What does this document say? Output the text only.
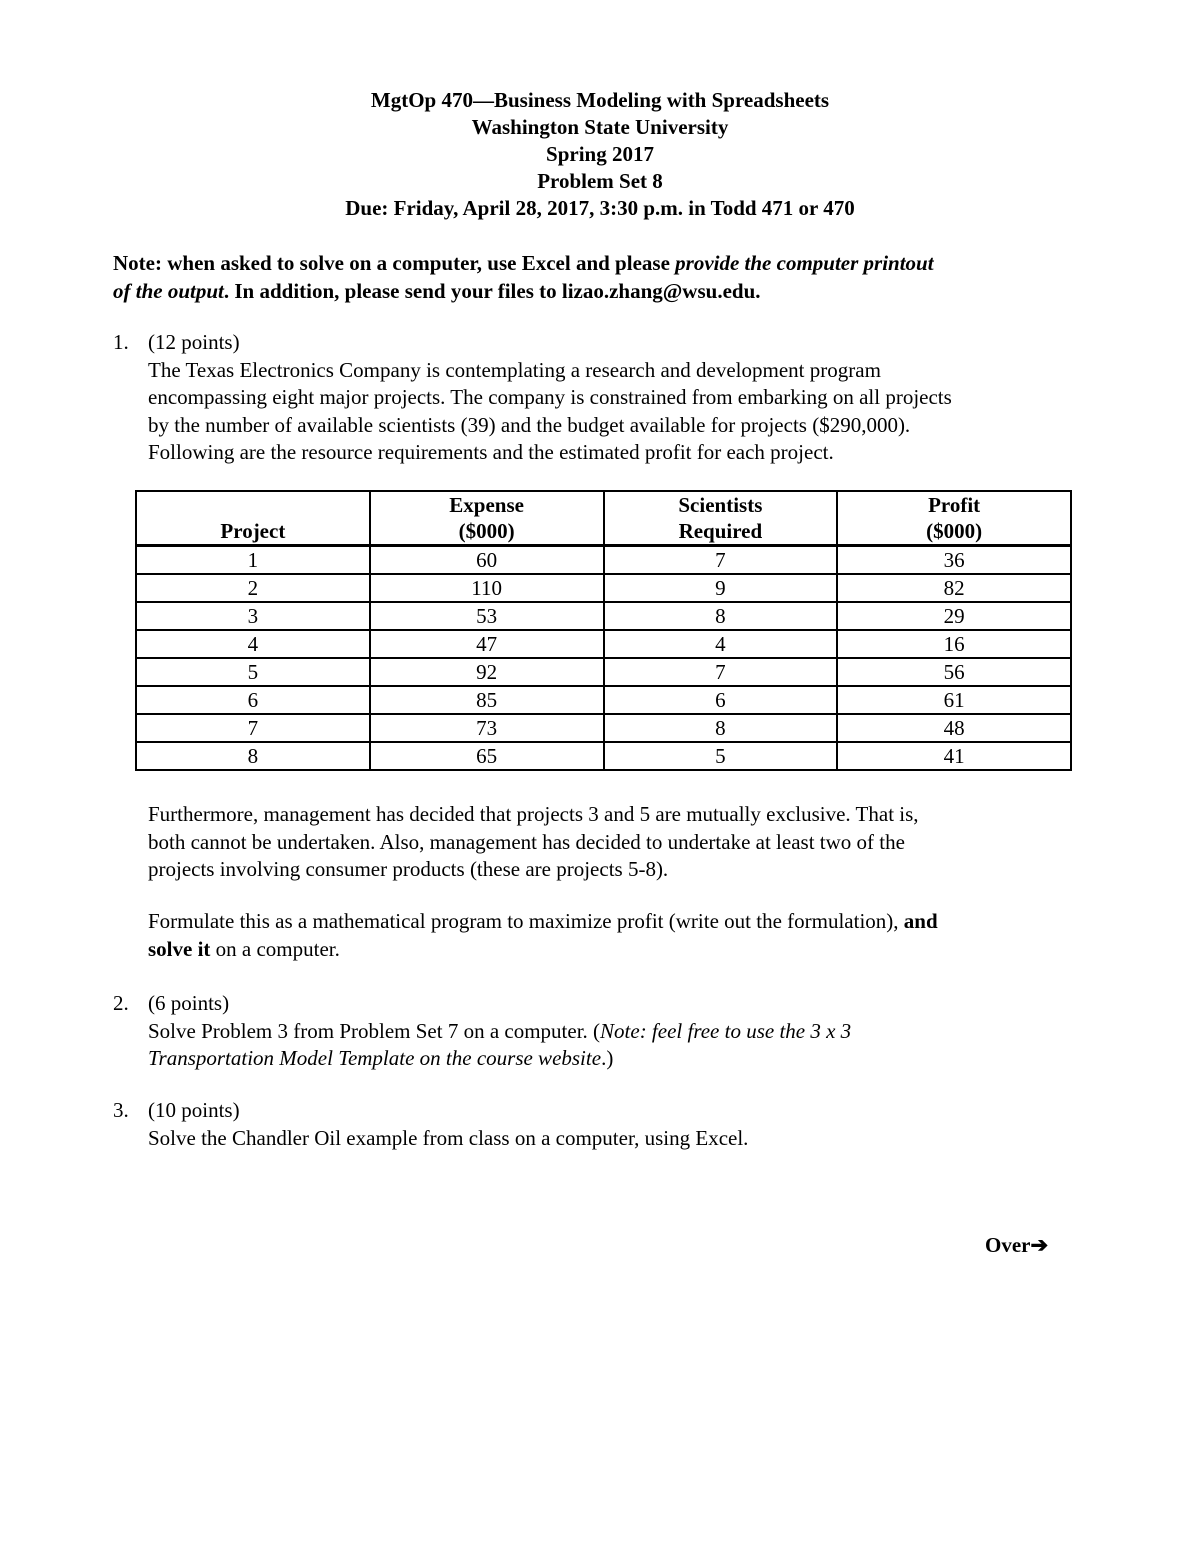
MgtOp 470—Business Modeling with Spreadsheets
Washington State University
Spring 2017
Problem Set 8
Due: Friday, April 28, 2017, 3:30 p.m. in Todd 471 or 470
Note: when asked to solve on a computer, use Excel and please provide the computer printout
of the output. In addition, please send your files to lizao.zhang@wsu.edu.
1. (12 points)
The Texas Electronics Company is contemplating a research and development program
encompassing eight major projects. The company is constrained from embarking on all projects
by the number of available scientists (39) and the budget available for projects ($290,000).
Following are the resource requirements and the estimated profit for each project.
	Expense	Scientists	Profit
Project	($000)	Required	($000)
1	60	7	36
2	110	9	82
3	53	8	29
4	47	4	16
5	92	7	56
6	85	6	61
7	73	8	48
8	65	5	41
Furthermore, management has decided that projects 3 and 5 are mutually exclusive. That is,
both cannot be undertaken. Also, management has decided to undertake at least two of the
projects involving consumer products (these are projects 5-8).
Formulate this as a mathematical program to maximize profit (write out the formulation), and
solve it on a computer.
2. (6 points)
Solve Problem 3 from Problem Set 7 on a computer. (Note: feel free to use the 3 x 3
Transportation Model Template on the course website.)
3. (10 points)
Solve the Chandler Oil example from class on a computer, using Excel.
Over➔
